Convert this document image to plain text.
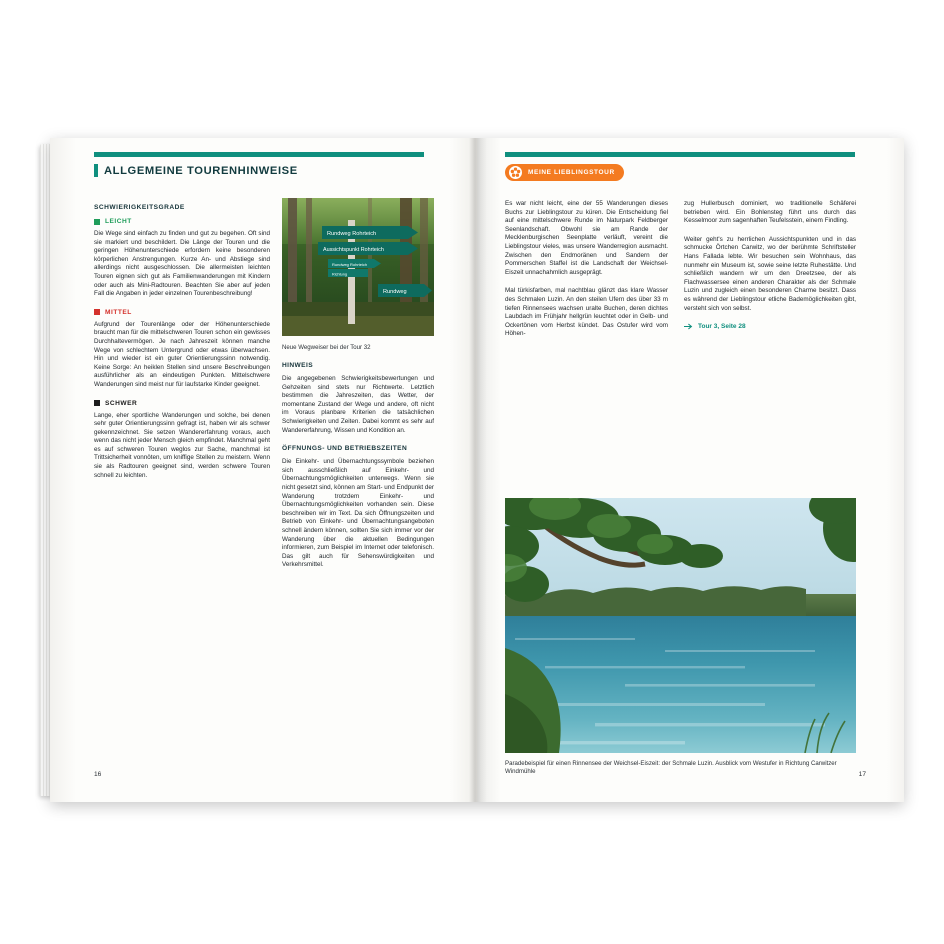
ALLGEMEINE TOURENHINWEISE
SCHWIERIGKEITSGRADE
LEICHT

Die Wege sind einfach zu finden und gut zu begehen. Oft sind sie markiert und beschildert. Die Länge der Touren und die geringen Höhenunterschiede erfordern keine besonderen körperlichen Anstrengungen. Kurze An- und Abstiege sind allerdings nicht ausgeschlossen. Die allermeisten leichten Touren eignen sich gut als Familienwanderungen mit Kindern oder auch als Mini-Radtouren. Beachten Sie aber auf jeden Fall die Angaben in jeder einzelnen Tourenbeschreibung!

MITTEL

Aufgrund der Tourenlänge oder der Höhenunterschiede braucht man für die mittelschweren Touren schon ein gewisses Durchhaltevermögen. Je nach Jahreszeit können manche Wege von schlechtem Untergrund oder etwas überwachsen. Hin und wieder ist ein guter Orientierungssinn notwendig. Keine Sorge: An heiklen Stellen sind unsere Beschreibungen ausführlicher als an eindeutigen Punkten. Mittelschwere Wanderungen sind meist nur für laufstarke Kinder geeignet.

SCHWER

Lange, eher sportliche Wanderungen und solche, bei denen sehr guter Orientierungssinn gefragt ist, haben wir als schwer gekennzeichnet. Sie setzen Wandererfahrung voraus, auch wenn das nicht jeder Mensch gleich empfindet. Manchmal geht es auf schweren Touren weglos zur Sache, manchmal ist Trittsicherheit vonnöten, um kniffige Stellen zu meistern. Wenn sie als Radtouren geeignet sind, werden schwere Touren schnell zu leichten.

Rundweg Rohrteich
Aussichtspunkt Rohrteich
Rundweg Rohrteich
Richtung
Rundweg

Neue Wegweiser bei der Tour 32

HINWEIS

Die angegebenen Schwierigkeitsbewertungen und Gehzeiten sind stets nur Richtwerte. Letztlich bestimmen die Jahreszeiten, das Wetter, der momentane Zustand der Wege und andere, oft nicht im Voraus planbare Kriterien die tatsächlichen Schwierigkeiten und Zeiten. Dabei kommt es sehr auf Wandererfahrung, Wissen und Kondition an.

ÖFFNUNGS- UND BETRIEBSZEITEN

Die Einkehr- und Übernachtungssymbole beziehen sich ausschließlich auf Einkehr- und Übernachtungsmöglichkeiten unterwegs. Wenn sie nicht gesetzt sind, können am Start- und Endpunkt der Wanderung trotzdem Einkehr- und Übernachtungsmöglichkeiten vorhanden sein. Diese beschreiben wir im Text. Da sich Öffnungszeiten und Betrieb von Einkehr- und Übernachtungsangeboten schnell ändern können, sollten Sie sich immer vor der Wanderung über die aktuellen Bedingungen informieren, zum Beispiel im Internet oder telefonisch. Das gilt auch für Sehenswürdigkeiten und Verkehrsmittel.

16
MEINE LIEBLINGSTOUR

Es war nicht leicht, eine der 55 Wanderungen dieses Buchs zur Lieblingstour zu küren. Die Entscheidung fiel auf eine mittelschwere Runde im Naturpark Feldberger Seenlandschaft. Obwohl sie am Rande der Mecklenburgischen Seenplatte verläuft, vereint die Lieblingstour vieles, was unsere Wanderregion ausmacht. Zwischen den Endmoränen und Sandern der Pommerschen Staffel ist die Landschaft der Weichsel-Eiszeit unnachahmlich ausgeprägt.

Mal türkisfarben, mal nachtblau glänzt das klare Wasser des Schmalen Luzin. An den steilen Ufern des über 33 m tiefen Rinnensees wachsen uralte Buchen, deren dichtes Laubdach im Frühjahr hellgrün leuchtet oder in Gelb- und Ockertönen vom Herbst kündet. Das Ostufer wird vom Höhen-

zug Hullerbusch dominiert, wo traditionelle Schäferei betrieben wird. Ein Bohlensteg führt uns durch das Kesselmoor zum sagenhaften Teufelsstein, einem Findling.

Weiter geht's zu herrlichen Aussichtspunkten und in das schmucke Örtchen Carwitz, wo der berühmte Schriftsteller Hans Fallada lebte. Wir besuchen sein Wohnhaus, das nunmehr ein Museum ist, sowie seine letzte Ruhestätte. Und schließlich wandern wir um den Dreetzsee, der als Flachwassersee einen anderen Charakter als der Schmale Luzin und zugleich einen besonderen Charme besitzt. Dass es während der Lieblingstour etliche Bademöglichkeiten gibt, versteht sich von selbst.

Tour 3, Seite 28
Paradebeispiel für einen Rinnensee der Weichsel-Eiszeit: der Schmale Luzin. Ausblick vom Westufer in Richtung Carwitzer Windmühle	17
